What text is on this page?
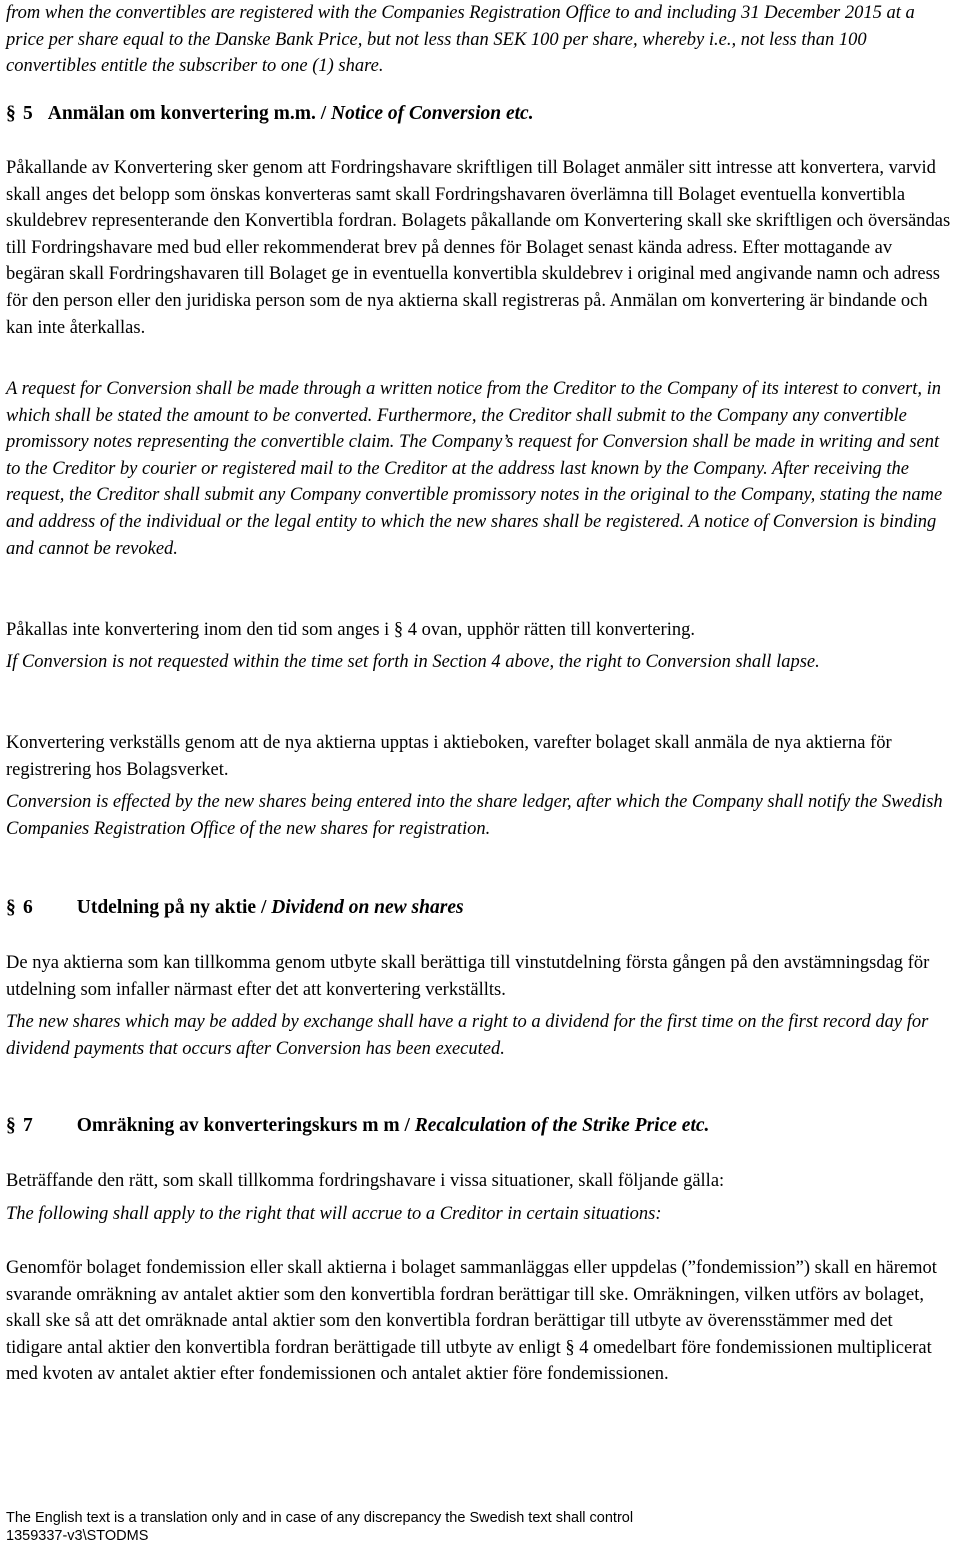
from when the convertibles are registered with the Companies Registration Office to and including 31 December 2015 at a price per share equal to the Danske Bank Price, but not less than SEK 100 per share, whereby i.e., not less than 100 convertibles entitle the subscriber to one (1) share.

§ 5 Anmälan om konvertering m.m. / Notice of Conversion etc.

Påkallande av Konvertering sker genom att Fordringshavare skriftligen till Bolaget anmäler sitt intresse att konvertera, varvid skall anges det belopp som önskas konverteras samt skall Fordringshavaren överlämna till Bolaget eventuella konvertibla skuldebrev representerande den Konvertibla fordran. Bolagets påkallande om Konvertering skall ske skriftligen och översändas till Fordringshavare med bud eller rekommenderat brev på dennes för Bolaget senast kända adress. Efter mottagande av begäran skall Fordringshavaren till Bolaget ge in eventuella konvertibla skuldebrev i original med angivande namn och adress för den person eller den juridiska person som de nya aktierna skall registreras på. Anmälan om konvertering är bindande och kan inte återkallas.

A request for Conversion shall be made through a written notice from the Creditor to the Company of its interest to convert, in which shall be stated the amount to be converted. Furthermore, the Creditor shall submit to the Company any convertible promissory notes representing the convertible claim. The Company’s request for Conversion shall be made in writing and sent to the Creditor by courier or registered mail to the Creditor at the address last known by the Company. After receiving the request, the Creditor shall submit any Company convertible promissory notes in the original to the Company, stating the name and address of the individual or the legal entity to which the new shares shall be registered. A notice of Conversion is binding and cannot be revoked.

Påkallas inte konvertering inom den tid som anges i § 4 ovan, upphör rätten till konvertering.

If Conversion is not requested within the time set forth in Section 4 above, the right to Conversion shall lapse.

Konvertering verkställs genom att de nya aktierna upptas i aktieboken, varefter bolaget skall anmäla de nya aktierna för registrering hos Bolagsverket.

Conversion is effected by the new shares being entered into the share ledger, after which the Company shall notify the Swedish Companies Registration Office of the new shares for registration.

§ 6 Utdelning på ny aktie / Dividend on new shares

De nya aktierna som kan tillkomma genom utbyte skall berättiga till vinstutdelning första gången på den avstämningsdag för utdelning som infaller närmast efter det att konvertering verkställts.

The new shares which may be added by exchange shall have a right to a dividend for the first time on the first record day for dividend payments that occurs after Conversion has been executed.

§ 7 Omräkning av konverteringskurs m m / Recalculation of the Strike Price etc.

Beträffande den rätt, som skall tillkomma fordringshavare i vissa situationer, skall följande gälla:

The following shall apply to the right that will accrue to a Creditor in certain situations:

Genomför bolaget fondemission eller skall aktierna i bolaget sammanläggas eller uppdelas (”fondemission”) skall en häremot svarande omräkning av antalet aktier som den konvertibla fordran berättigar till ske. Omräkningen, vilken utförs av bolaget, skall ske så att det omräknade antal aktier som den konvertibla fordran berättigar till utbyte av överensstämmer med det tidigare antal aktier den konvertibla fordran berättigade till utbyte av enligt § 4 omedelbart före fondemissionen multiplicerat med kvoten av antalet aktier efter fondemissionen och antalet aktier före fondemissionen.

The English text is a translation only and in case of any discrepancy the Swedish text shall control

1359337-v3\STODMS
